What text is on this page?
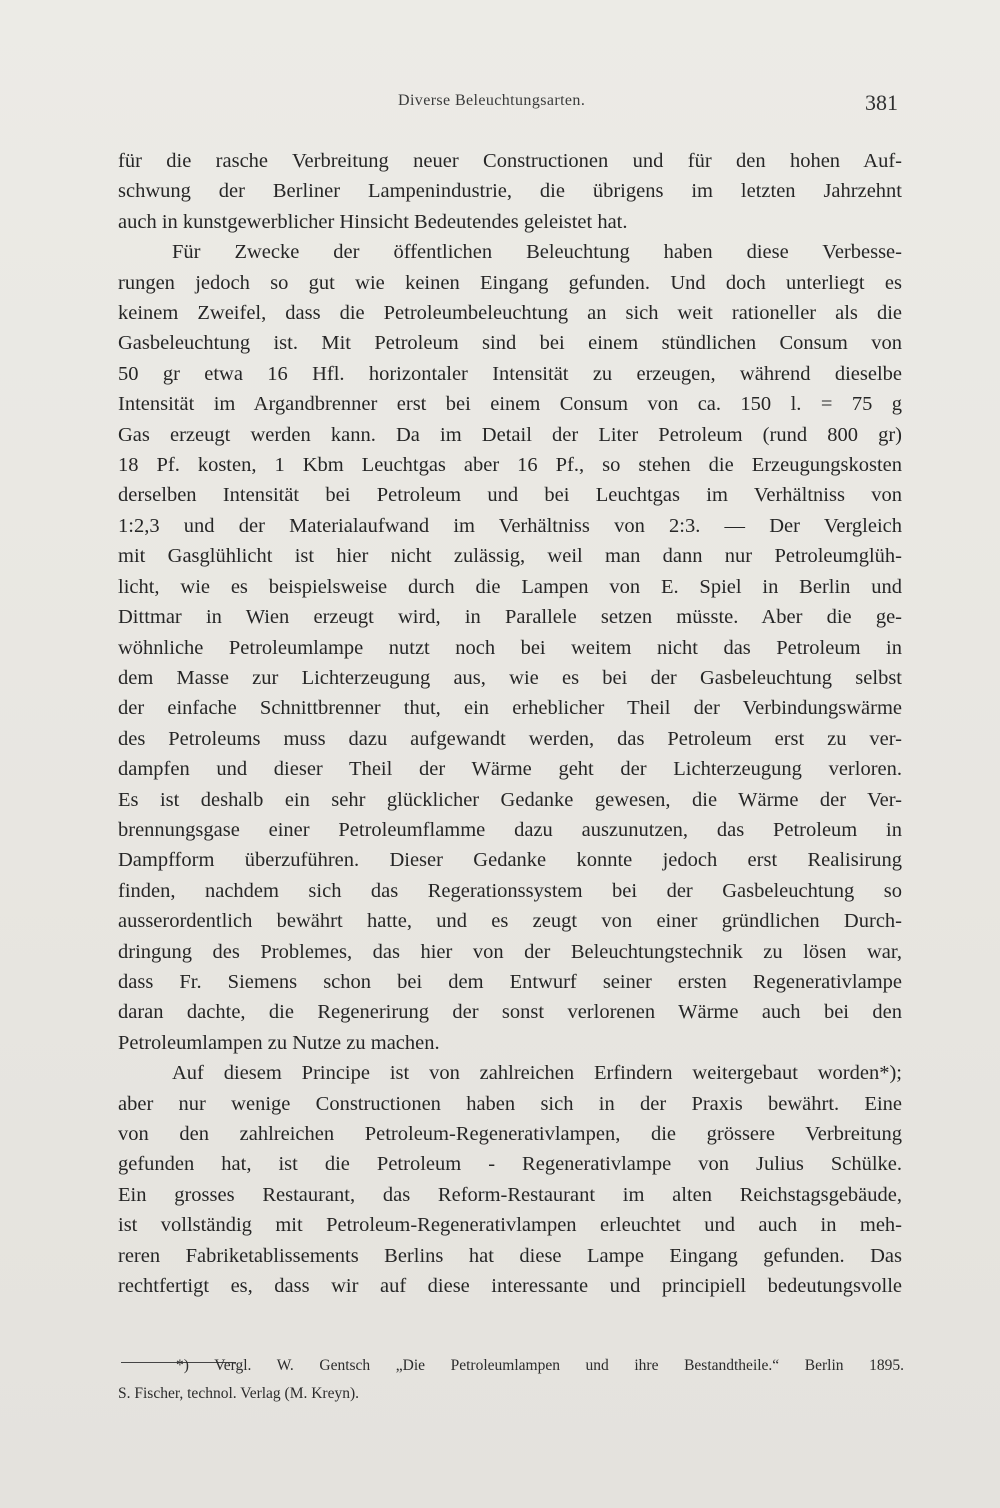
Diverse Beleuchtungsarten.	381

für die rasche Verbreitung neuer Constructionen und für den hohen Auf-
schwung der Berliner Lampenindustrie, die übrigens im letzten Jahrzehnt
auch in kunstgewerblicher Hinsicht Bedeutendes geleistet hat.

Für Zwecke der öffentlichen Beleuchtung haben diese Verbesse-
rungen jedoch so gut wie keinen Eingang gefunden. Und doch unterliegt es
keinem Zweifel, dass die Petroleumbeleuchtung an sich weit rationeller als die
Gasbeleuchtung ist. Mit Petroleum sind bei einem stündlichen Consum von
50 gr etwa 16 Hfl. horizontaler Intensität zu erzeugen, während dieselbe
Intensität im Argandbrenner erst bei einem Consum von ca. 150 l. = 75 g
Gas erzeugt werden kann. Da im Detail der Liter Petroleum (rund 800 gr)
18 Pf. kosten, 1 Kbm Leuchtgas aber 16 Pf., so stehen die Erzeugungskosten
derselben Intensität bei Petroleum und bei Leuchtgas im Verhältniss von
1:2,3 und der Materialaufwand im Verhältniss von 2:3. — Der Vergleich
mit Gasglühlicht ist hier nicht zulässig, weil man dann nur Petroleumglüh-
licht, wie es beispielsweise durch die Lampen von E. Spiel in Berlin und
Dittmar in Wien erzeugt wird, in Parallele setzen müsste. Aber die ge-
wöhnliche Petroleumlampe nutzt noch bei weitem nicht das Petroleum in
dem Masse zur Lichterzeugung aus, wie es bei der Gasbeleuchtung selbst
der einfache Schnittbrenner thut, ein erheblicher Theil der Verbindungswärme
des Petroleums muss dazu aufgewandt werden, das Petroleum erst zu ver-
dampfen und dieser Theil der Wärme geht der Lichterzeugung verloren.
Es ist deshalb ein sehr glücklicher Gedanke gewesen, die Wärme der Ver-
brennungsgase einer Petroleumflamme dazu auszunutzen, das Petroleum in
Dampfform überzuführen. Dieser Gedanke konnte jedoch erst Realisirung
finden, nachdem sich das Regerationssystem bei der Gasbeleuchtung so
ausserordentlich bewährt hatte, und es zeugt von einer gründlichen Durch-
dringung des Problemes, das hier von der Beleuchtungstechnik zu lösen war,
dass Fr. Siemens schon bei dem Entwurf seiner ersten Regenerativlampe
daran dachte, die Regenerirung der sonst verlorenen Wärme auch bei den
Petroleumlampen zu Nutze zu machen.

Auf diesem Principe ist von zahlreichen Erfindern weitergebaut worden*);
aber nur wenige Constructionen haben sich in der Praxis bewährt. Eine
von den zahlreichen Petroleum-Regenerativlampen, die grössere Verbreitung
gefunden hat, ist die Petroleum - Regenerativlampe von Julius Schülke.
Ein grosses Restaurant, das Reform-Restaurant im alten Reichstagsgebäude,
ist vollständig mit Petroleum-Regenerativlampen erleuchtet und auch in meh-
reren Fabriketablissements Berlins hat diese Lampe Eingang gefunden. Das
rechtfertigt es, dass wir auf diese interessante und principiell bedeutungsvolle

*) Vergl. W. Gentsch „Die Petroleumlampen und ihre Bestandtheile.“ Berlin 1895.
S. Fischer, technol. Verlag (M. Kreyn).
